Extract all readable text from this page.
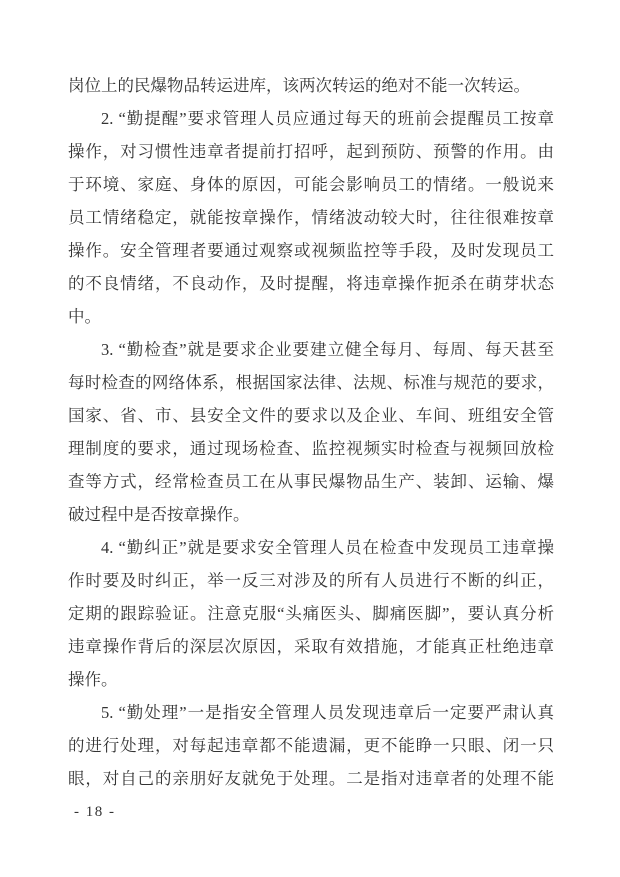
岗位上的民爆物品转运进库，该两次转运的绝对不能一次转运。
2. “勤提醒”要求管理人员应通过每天的班前会提醒员工按章
操作，对习惯性违章者提前打招呼，起到预防、预警的作用。由
于环境、家庭、身体的原因，可能会影响员工的情绪。一般说来
员工情绪稳定，就能按章操作，情绪波动较大时，往往很难按章
操作。安全管理者要通过观察或视频监控等手段，及时发现员工
的不良情绪，不良动作，及时提醒，将违章操作扼杀在萌芽状态
中。
3. “勤检查”就是要求企业要建立健全每月、每周、每天甚至
每时检查的网络体系，根据国家法律、法规、标准与规范的要求，
国家、省、市、县安全文件的要求以及企业、车间、班组安全管
理制度的要求，通过现场检查、监控视频实时检查与视频回放检
查等方式，经常检查员工在从事民爆物品生产、装卸、运输、爆
破过程中是否按章操作。
4. “勤纠正”就是要求安全管理人员在检查中发现员工违章操
作时要及时纠正，举一反三对涉及的所有人员进行不断的纠正，
定期的跟踪验证。注意克服“头痛医头、脚痛医脚”，要认真分析
违章操作背后的深层次原因，采取有效措施，才能真正杜绝违章
操作。
5. “勤处理”一是指安全管理人员发现违章后一定要严肃认真
的进行处理，对每起违章都不能遗漏，更不能睁一只眼、闭一只
眼，对自己的亲朋好友就免于处理。二是指对违章者的处理不能
- 18 -
